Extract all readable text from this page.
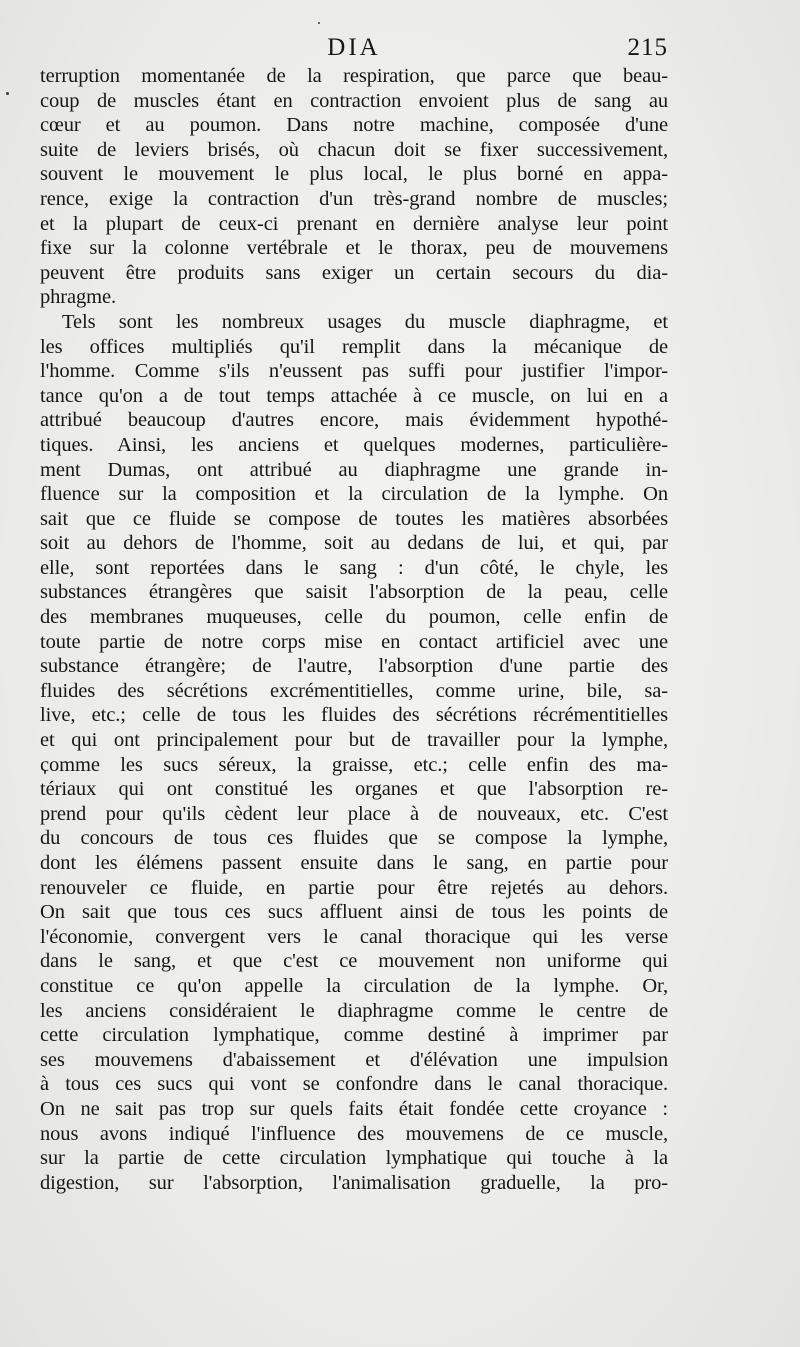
DIA	215
terruption momentanée de la respiration, que parce que beau-
coup de muscles étant en contraction envoient plus de sang au
cœur et au poumon. Dans notre machine, composée d'une
suite de leviers brisés, où chacun doit se fixer successivement,
souvent le mouvement le plus local, le plus borné en appa-
rence, exige la contraction d'un très-grand nombre de muscles;
et la plupart de ceux-ci prenant en dernière analyse leur point
fixe sur la colonne vertébrale et le thorax, peu de mouvemens
peuvent être produits sans exiger un certain secours du dia-
phragme.
Tels sont les nombreux usages du muscle diaphragme, et
les offices multipliés qu'il remplit dans la mécanique de
l'homme. Comme s'ils n'eussent pas suffi pour justifier l'impor-
tance qu'on a de tout temps attachée à ce muscle, on lui en a
attribué beaucoup d'autres encore, mais évidemment hypothé-
tiques. Ainsi, les anciens et quelques modernes, particulière-
ment Dumas, ont attribué au diaphragme une grande in-
fluence sur la composition et la circulation de la lymphe. On
sait que ce fluide se compose de toutes les matières absorbées
soit au dehors de l'homme, soit au dedans de lui, et qui, par
elle, sont reportées dans le sang : d'un côté, le chyle, les
substances étrangères que saisit l'absorption de la peau, celle
des membranes muqueuses, celle du poumon, celle enfin de
toute partie de notre corps mise en contact artificiel avec une
substance étrangère; de l'autre, l'absorption d'une partie des
fluides des sécrétions excrémentitielles, comme urine, bile, sa-
live, etc.; celle de tous les fluides des sécrétions récrémentitielles
et qui ont principalement pour but de travailler pour la lymphe,
comme les sucs séreux, la graisse, etc.; celle enfin des ma-
tériaux qui ont constitué les organes et que l'absorption re-
prend pour qu'ils cèdent leur place à de nouveaux, etc. C'est
du concours de tous ces fluides que se compose la lymphe,
dont les élémens passent ensuite dans le sang, en partie pour
renouveler ce fluide, en partie pour être rejetés au dehors.
On sait que tous ces sucs affluent ainsi de tous les points de
l'économie, convergent vers le canal thoracique qui les verse
dans le sang, et que c'est ce mouvement non uniforme qui
constitue ce qu'on appelle la circulation de la lymphe. Or,
les anciens considéraient le diaphragme comme le centre de
cette circulation lymphatique, comme destiné à imprimer par
ses mouvemens d'abaissement et d'élévation une impulsion
à tous ces sucs qui vont se confondre dans le canal thoracique.
On ne sait pas trop sur quels faits était fondée cette croyance :
nous avons indiqué l'influence des mouvemens de ce muscle,
sur la partie de cette circulation lymphatique qui touche à la
digestion, sur l'absorption, l'animalisation graduelle, la pro-
